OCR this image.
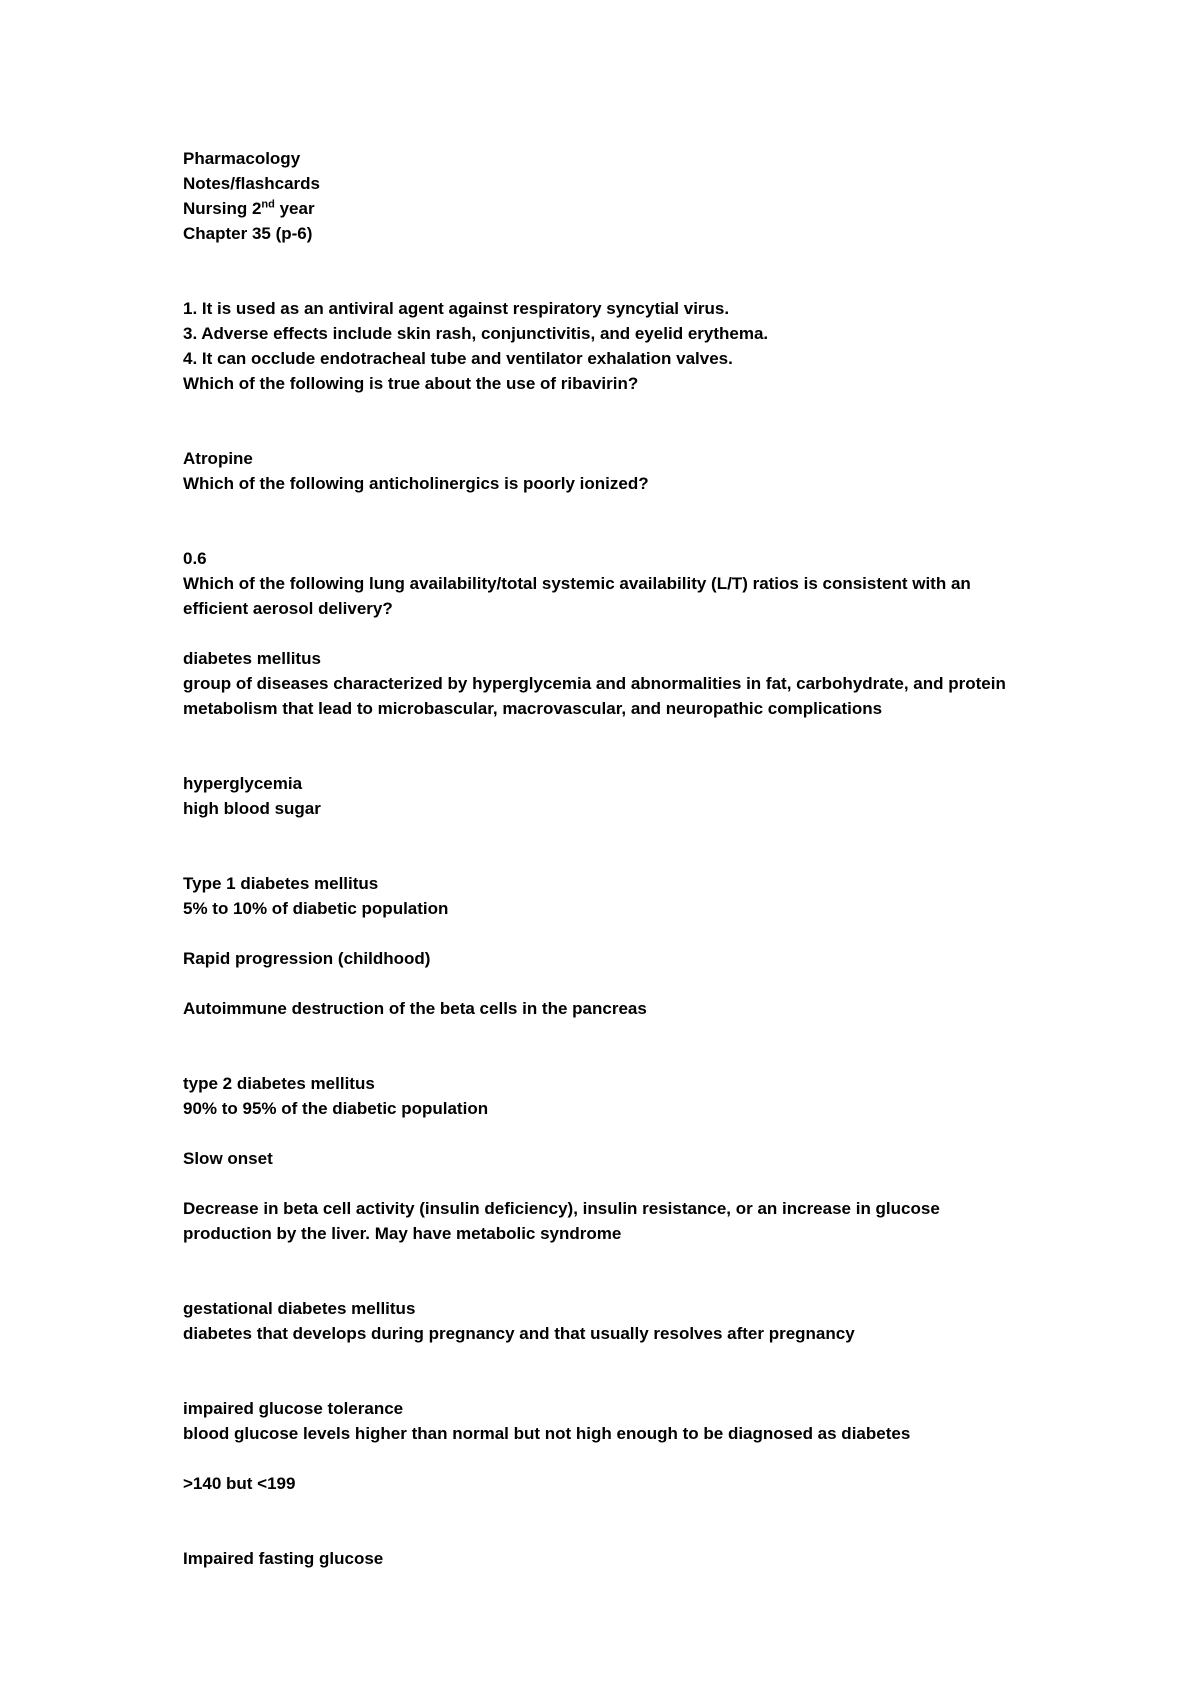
Pharmacology
Notes/flashcards
Nursing 2nd year
Chapter 35 (p-6)
1. It is used as an antiviral agent against respiratory syncytial virus.
3. Adverse effects include skin rash, conjunctivitis, and eyelid erythema.
4. It can occlude endotracheal tube and ventilator exhalation valves.
Which of the following is true about the use of ribavirin?
Atropine
Which of the following anticholinergics is poorly ionized?
0.6
Which of the following lung availability/total systemic availability (L/T) ratios is consistent with an
efficient aerosol delivery?
diabetes mellitus
group of diseases characterized by hyperglycemia and abnormalities in fat, carbohydrate, and protein
metabolism that lead to microbascular, macrovascular, and neuropathic complications
hyperglycemia
high blood sugar
Type 1 diabetes mellitus
5% to 10% of diabetic population
Rapid progression (childhood)
Autoimmune destruction of the beta cells in the pancreas
type 2 diabetes mellitus
90% to 95% of the diabetic population
Slow onset
Decrease in beta cell activity (insulin deficiency), insulin resistance, or an increase in glucose
production by the liver. May have metabolic syndrome
gestational diabetes mellitus
diabetes that develops during pregnancy and that usually resolves after pregnancy
impaired glucose tolerance
blood glucose levels higher than normal but not high enough to be diagnosed as diabetes
>140 but <199
Impaired fasting glucose
